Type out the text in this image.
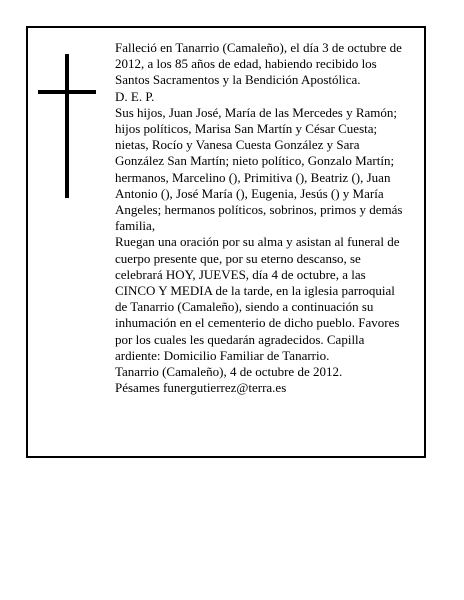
Falleció en Tanarrio (Camaleño), el día 3 de octubre de
2012, a los 85 años de edad, habiendo recibido los
Santos Sacramentos y la Bendición Apostólica.

D. E. P.

Sus hijos, Juan José, María de las Mercedes y Ramón;
hijos políticos, Marisa San Martín y César Cuesta;
nietas, Rocío y Vanesa Cuesta González y Sara
González San Martín; nieto político, Gonzalo Martín;
hermanos, Marcelino (), Primitiva (), Beatriz (), Juan
Antonio (), José María (), Eugenia, Jesús () y María
Angeles; hermanos políticos, sobrinos, primos y demás
familia,

Ruegan una oración por su alma y asistan al funeral de
cuerpo presente que, por su eterno descanso, se
celebrará HOY, JUEVES, día 4 de octubre, a las
CINCO Y MEDIA de la tarde, en la iglesia parroquial
de Tanarrio (Camaleño), siendo a continuación su
inhumación en el cementerio de dicho pueblo. Favores
por los cuales les quedarán agradecidos. Capilla
ardiente: Domicilio Familiar de Tanarrio.

Tanarrio (Camaleño), 4 de octubre de 2012.

Pésames funergutierrez@terra.es
